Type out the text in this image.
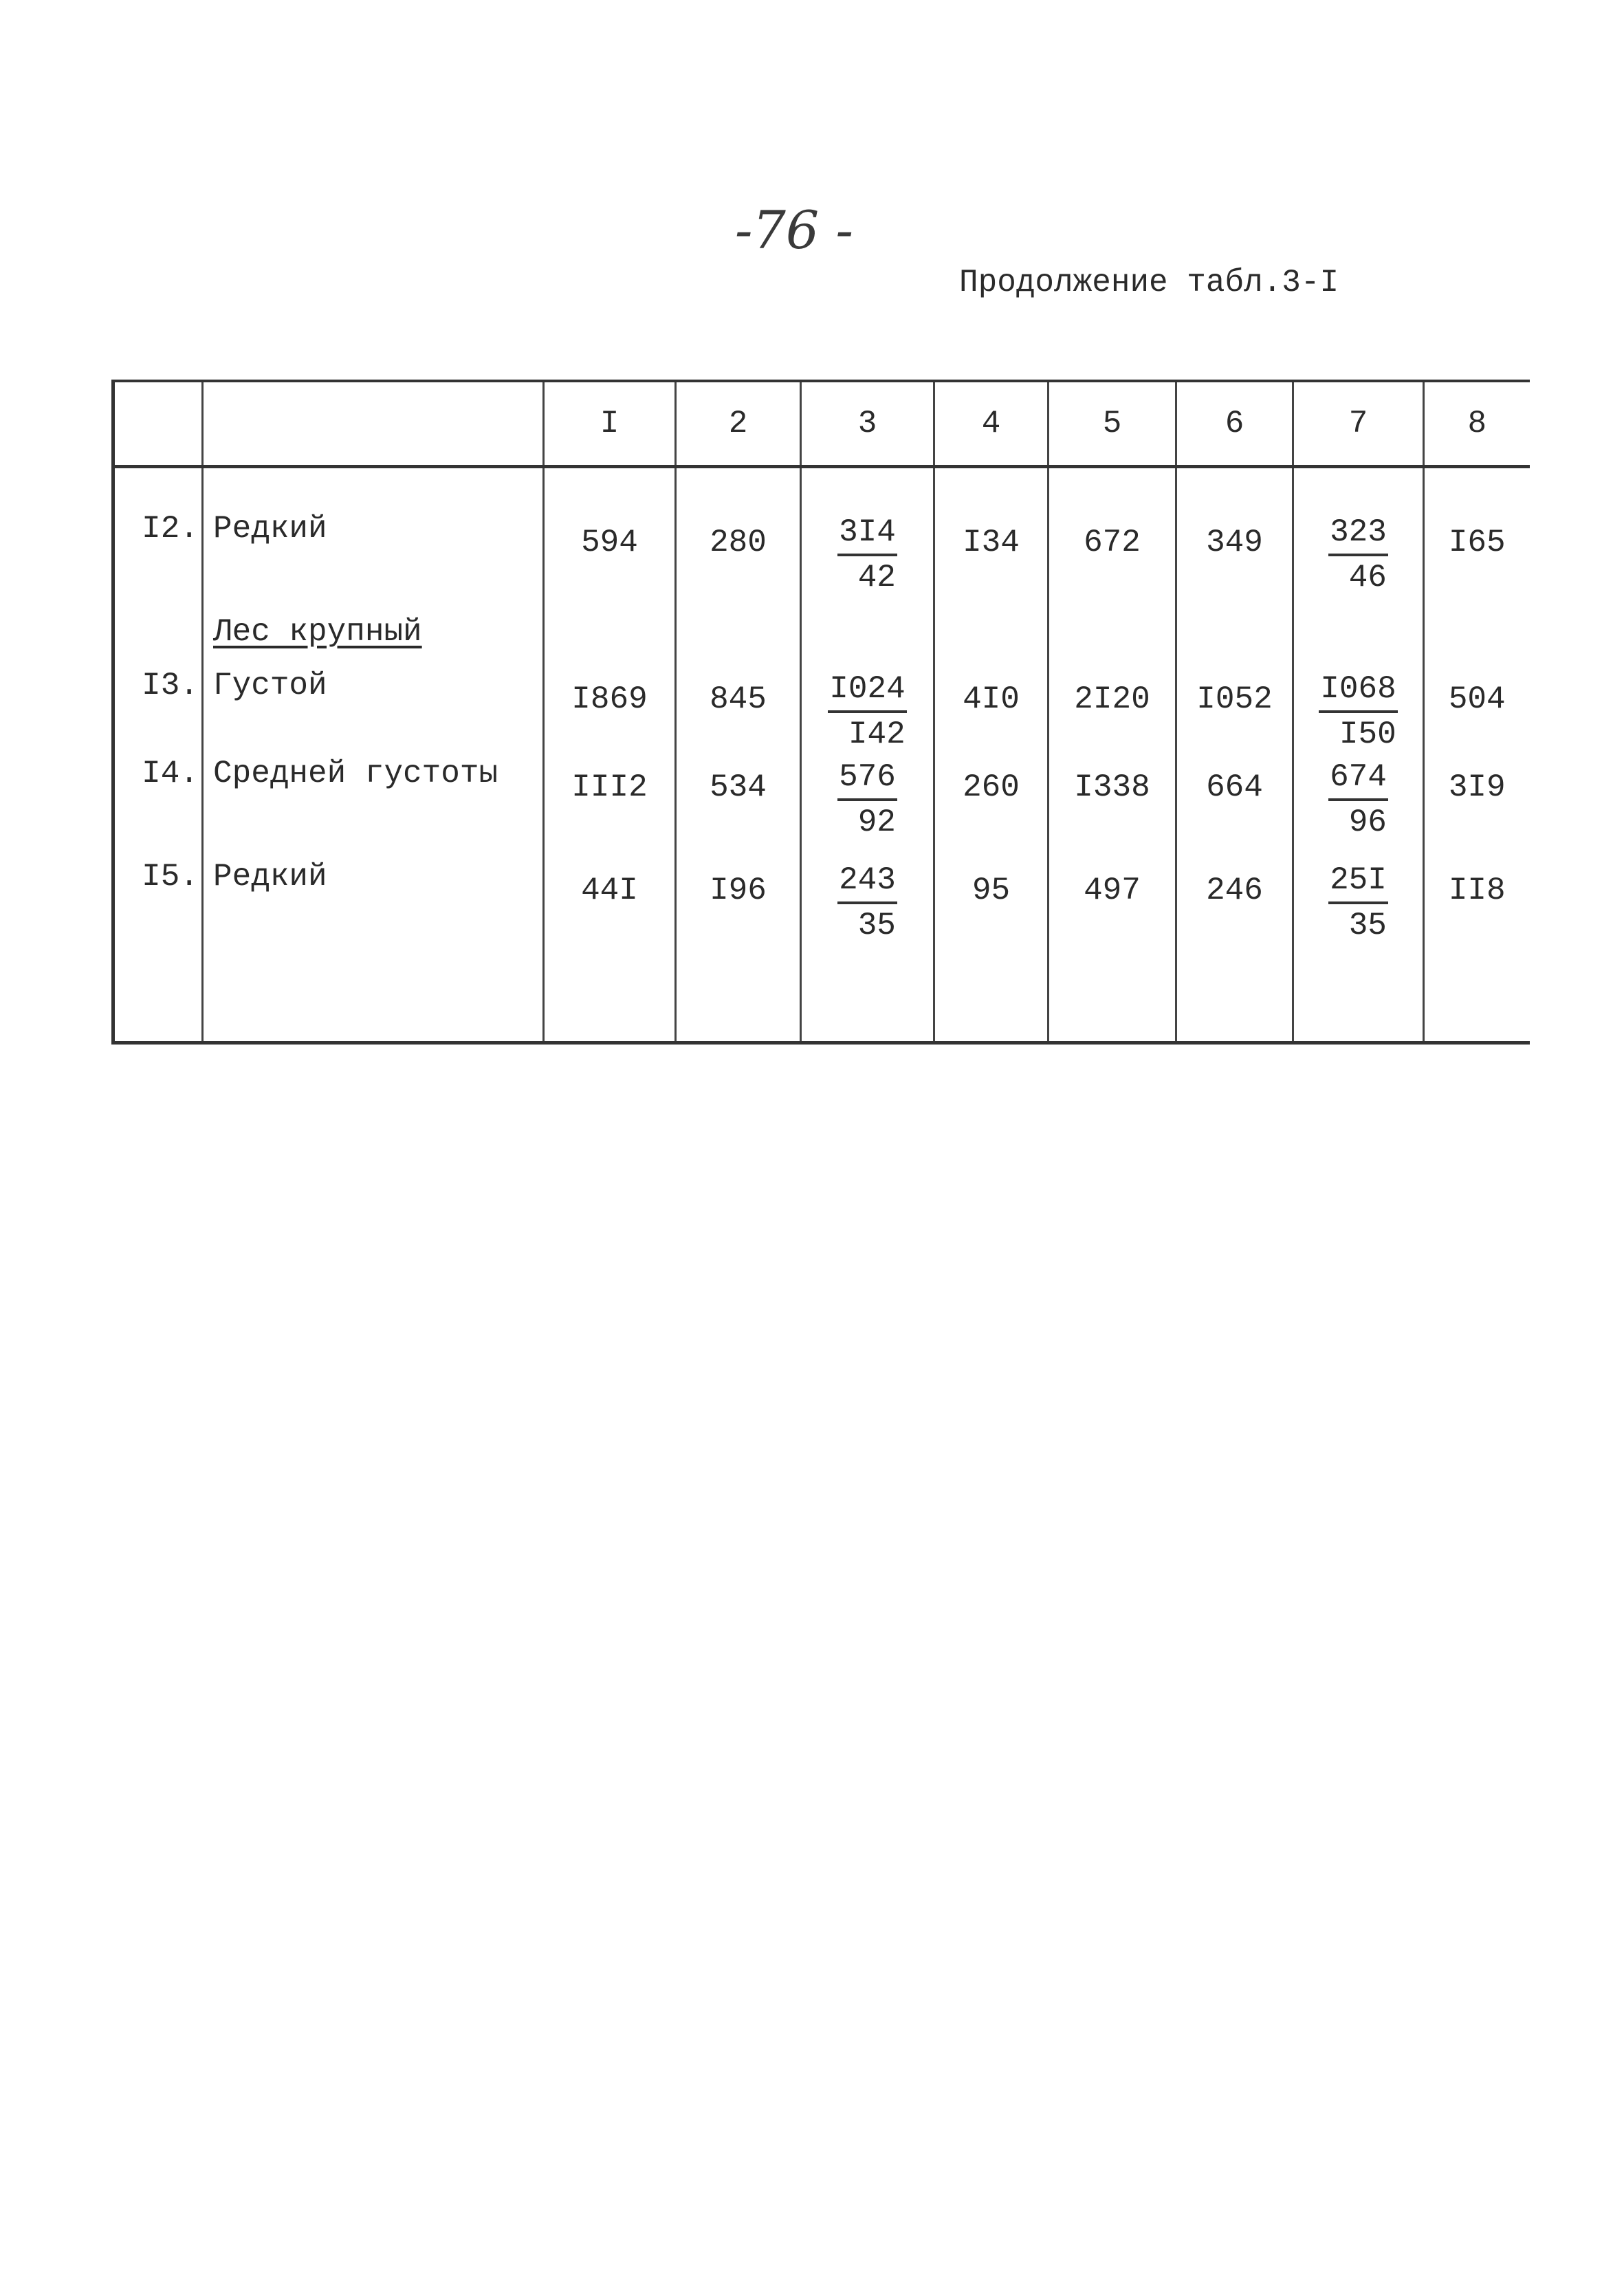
-76 -
Продолжение табл.3-I
		I	2	3	4	5	6	7	8
I2.	Редкий	594	280	$\frac{3I4}{42}$	I34	672	349	$\frac{323}{46}$	I65
	Лес крупный								
I3.	Густой	I869	845	$\frac{I024}{I42}$	4I0	2I20	I052	$\frac{I068}{I50}$	504
I4.	Средней густоты	III2	534	$\frac{576}{92}$	260	I338	664	$\frac{674}{96}$	3I9
I5.	Редкий	44I	I96	$\frac{243}{35}$	95	497	246	$\frac{25I}{35}$	II8
